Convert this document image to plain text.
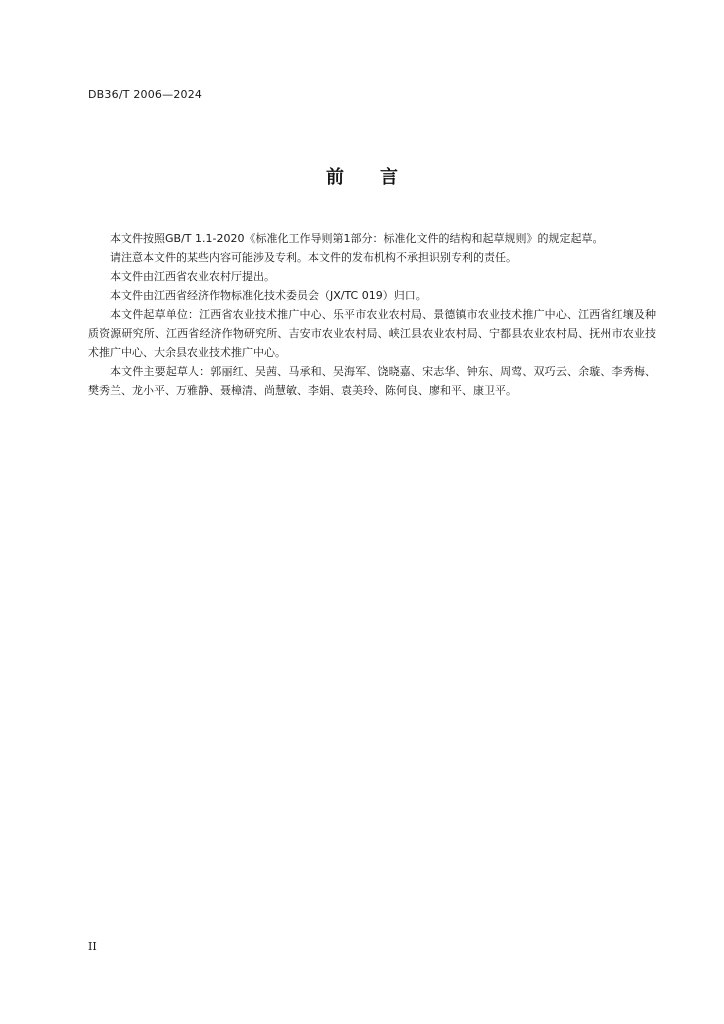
DB36/T 2006—2024
前 言

本文件按照GB/T 1.1-2020《标准化工作导则第1部分：标准化文件的结构和起草规则》的规定起草。

请注意本文件的某些内容可能涉及专利。本文件的发布机构不承担识别专利的责任。

本文件由江西省农业农村厅提出。

本文件由江西省经济作物标准化技术委员会（JX/TC 019）归口。

本文件起草单位：江西省农业技术推广中心、乐平市农业农村局、景德镇市农业技术推广中心、江西省红壤及种质资源研究所、江西省经济作物研究所、吉安市农业农村局、峡江县农业农村局、宁都县农业农村局、抚州市农业技术推广中心、大余县农业技术推广中心。

本文件主要起草人：郭丽红、吴茜、马承和、吴海军、饶晓嘉、宋志华、钟东、周莺、双巧云、余璇、李秀梅、樊秀兰、龙小平、万雅静、聂樟清、尚慧敏、李娟、袁美玲、陈何良、廖和平、康卫平。

II
